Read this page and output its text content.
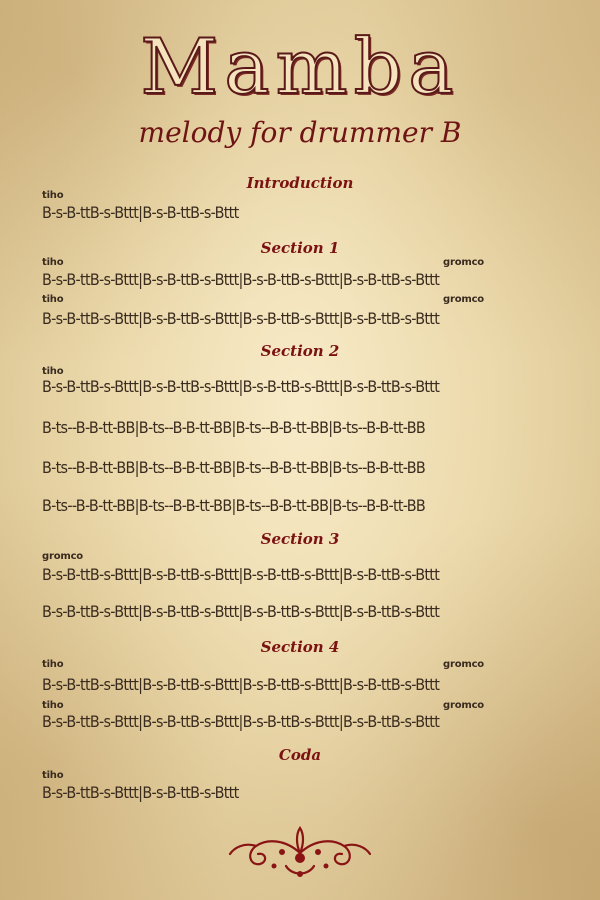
Mamba
melody for drummer B
Introduction
tiho
B-s-B-ttB-s-Bttt|B-s-B-ttB-s-Bttt
Section 1
tiho	gromco
B-s-B-ttB-s-Bttt|B-s-B-ttB-s-Bttt|B-s-B-ttB-s-Bttt|B-s-B-ttB-s-Bttt
tiho	gromco
B-s-B-ttB-s-Bttt|B-s-B-ttB-s-Bttt|B-s-B-ttB-s-Bttt|B-s-B-ttB-s-Bttt
Section 2
tiho
B-s-B-ttB-s-Bttt|B-s-B-ttB-s-Bttt|B-s-B-ttB-s-Bttt|B-s-B-ttB-s-Bttt
B-ts--B-B-tt-BB|B-ts--B-B-tt-BB|B-ts--B-B-tt-BB|B-ts--B-B-tt-BB
B-ts--B-B-tt-BB|B-ts--B-B-tt-BB|B-ts--B-B-tt-BB|B-ts--B-B-tt-BB
B-ts--B-B-tt-BB|B-ts--B-B-tt-BB|B-ts--B-B-tt-BB|B-ts--B-B-tt-BB
Section 3
gromco
B-s-B-ttB-s-Bttt|B-s-B-ttB-s-Bttt|B-s-B-ttB-s-Bttt|B-s-B-ttB-s-Bttt
B-s-B-ttB-s-Bttt|B-s-B-ttB-s-Bttt|B-s-B-ttB-s-Bttt|B-s-B-ttB-s-Bttt
Section 4
tiho	gromco
B-s-B-ttB-s-Bttt|B-s-B-ttB-s-Bttt|B-s-B-ttB-s-Bttt|B-s-B-ttB-s-Bttt
tiho	gromco
B-s-B-ttB-s-Bttt|B-s-B-ttB-s-Bttt|B-s-B-ttB-s-Bttt|B-s-B-ttB-s-Bttt
Coda
tiho
B-s-B-ttB-s-Bttt|B-s-B-ttB-s-Bttt
